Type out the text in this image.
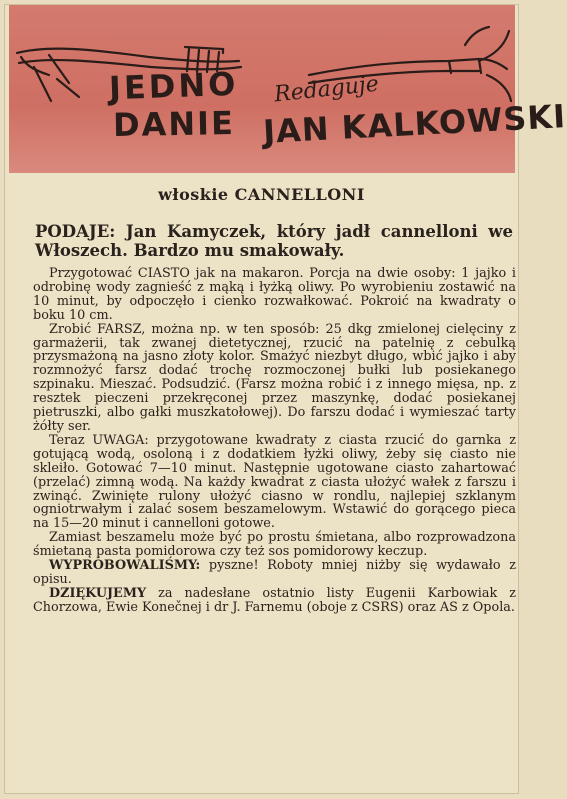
JEDNO
DANIE
Redaguje
JAN KALKOWSKI
włoskie CANNELLONI
PODAJE: Jan Kamyczek, który jadł cannelloni we Włoszech. Bardzo mu smakowały.

Przygotować CIASTO jak na makaron. Porcja na dwie osoby: 1 jajko i odrobinę wody zagnieść z mąką i łyżką oliwy. Po wyrobieniu zostawić na 10 minut, by odpoczęło i cienko rozwałkować. Pokroić na kwadraty o boku 10 cm.

Zrobić FARSZ, można np. w ten sposób: 25 dkg zmielonej cielęciny z garmażerii, tak zwanej dietetycznej, rzucić na patelnię z cebulką przysmażoną na jasno złoty kolor. Smażyć niezbyt długo, wbić jajko i aby rozmnożyć farsz dodać trochę rozmoczonej bułki lub posiekanego szpinaku. Mieszać. Podsudzić. (Farsz można robić i z innego mięsa, np. z resztek pieczeni przekręconej przez maszynkę, dodać posiekanej pietruszki, albo gałki muszkatołowej). Do farszu dodać i wymieszać tarty żółty ser.

Teraz UWAGA: przygotowane kwadraty z ciasta rzucić do garnka z gotującą wodą, osoloną i z dodatkiem łyżki oliwy, żeby się ciasto nie skleiło. Gotować 7—10 minut. Następnie ugotowane ciasto zahartować (przelać) zimną wodą. Na każdy kwadrat z ciasta ułożyć wałek z farszu i zwinąć. Zwinięte rulony ułożyć ciasno w rondlu, najlepiej szklanym ogniotrwałym i zalać sosem beszamelowym. Wstawić do gorącego pieca na 15—20 minut i cannelloni gotowe.

Zamiast beszamelu może być po prostu śmietana, albo rozprowadzona śmietaną pasta pomidorowa czy też sos pomidorowy keczup.

WYPRÓBOWALIŚMY: pyszne! Roboty mniej niżby się wydawało z opisu.

DZIĘKUJEMY za nadesłane ostatnio listy Eugenii Karbowiak z Chorzowa, Ewie Konečnej i dr J. Farnemu (oboje z CSRS) oraz AS z Opola.
